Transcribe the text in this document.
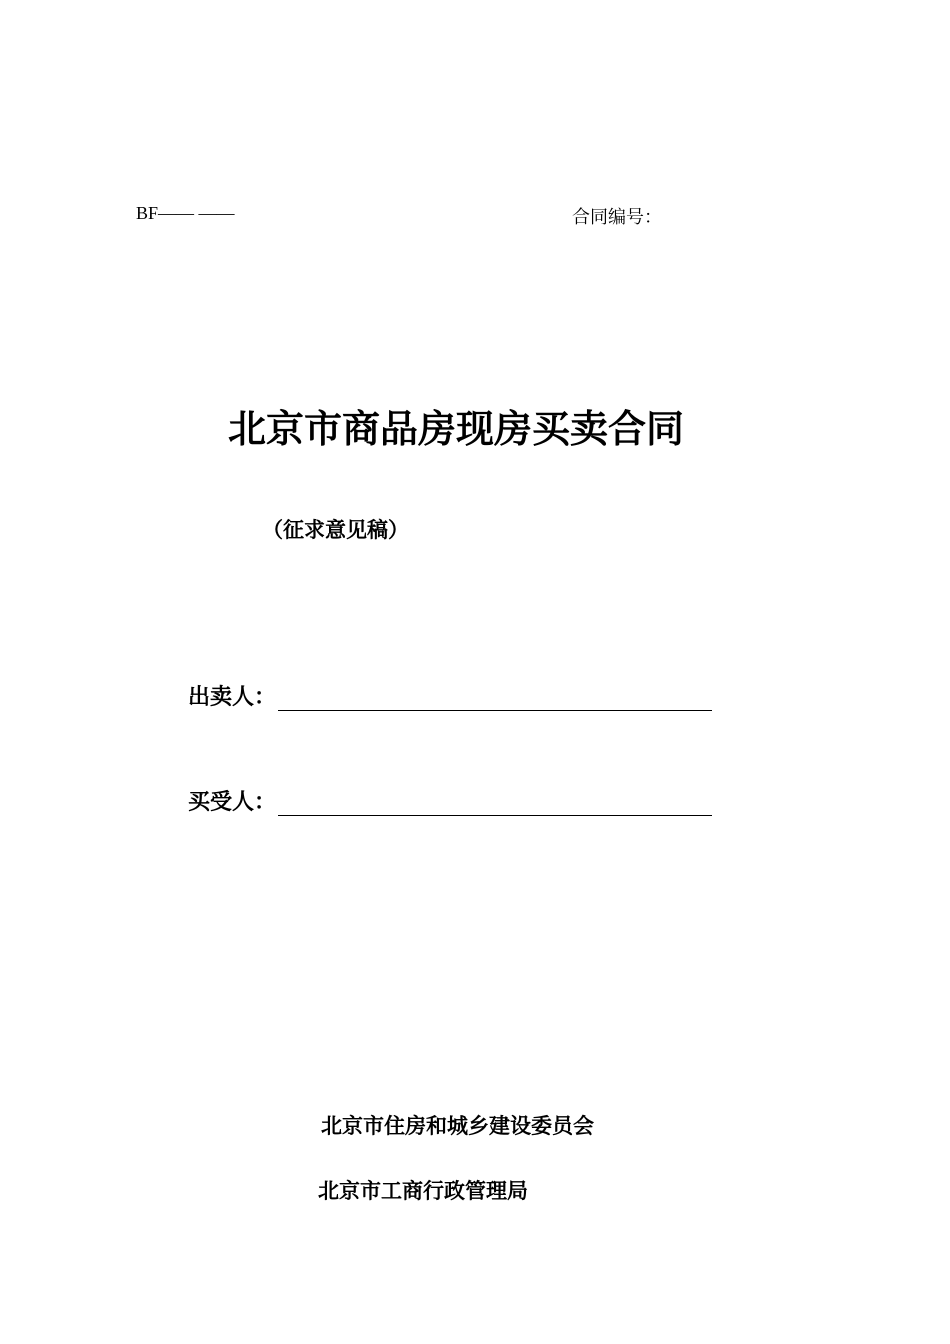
BF—— ——	合同编号：
北京市商品房现房买卖合同
（征求意见稿）
出卖人：
买受人：
北京市住房和城乡建设委员会
北京市工商行政管理局
